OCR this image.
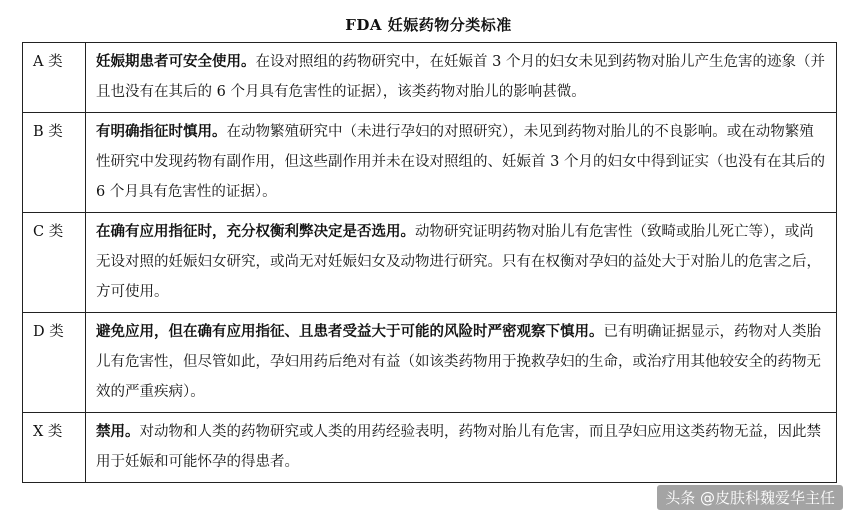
FDA 妊娠药物分类标准
A 类	妊娠期患者可安全使用。在设对照组的药物研究中，在妊娠首 3 个月的妇女未见到药物对胎儿产生危害的迹象（并且也没有在其后的 6 个月具有危害性的证据），该类药物对胎儿的影响甚微。
B 类	有明确指征时慎用。在动物繁殖研究中（未进行孕妇的对照研究），未见到药物对胎儿的不良影响。或在动物繁殖性研究中发现药物有副作用，但这些副作用并未在设对照组的、妊娠首 3 个月的妇女中得到证实（也没有在其后的 6 个月具有危害性的证据）。
C 类	在确有应用指征时，充分权衡利弊决定是否选用。动物研究证明药物对胎儿有危害性（致畸或胎儿死亡等），或尚无设对照的妊娠妇女研究，或尚无对妊娠妇女及动物进行研究。只有在权衡对孕妇的益处大于对胎儿的危害之后，方可使用。
D 类	避免应用，但在确有应用指征、且患者受益大于可能的风险时严密观察下慎用。已有明确证据显示，药物对人类胎儿有危害性，但尽管如此，孕妇用药后绝对有益（如该类药物用于挽救孕妇的生命，或治疗用其他较安全的药物无效的严重疾病）。
X 类	禁用。对动物和人类的药物研究或人类的用药经验表明，药物对胎儿有危害，而且孕妇应用这类药物无益，因此禁用于妊娠和可能怀孕的得患者。
头条 @皮肤科魏爱华主任
